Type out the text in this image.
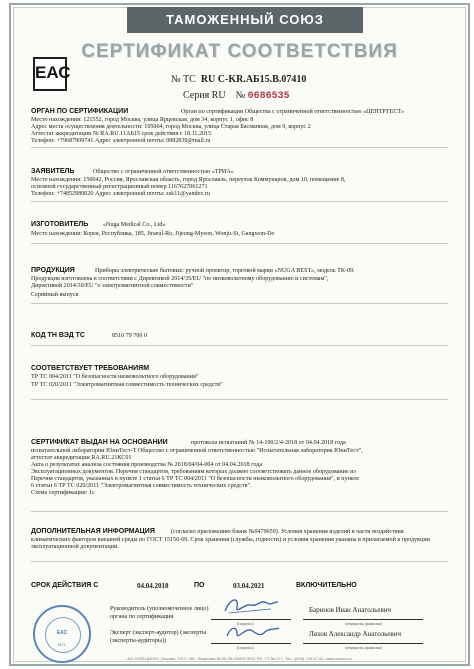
ТАМОЖЕННЫЙ СОЮЗ
СЕРТИФИКАТ СООТВЕТСТВИЯ
ЕАС	№ ТС RU C-KR.АБ15.В.07410
Серия RU № 0686535
ОРГАН ПО СЕРТИФИКАЦИИ	Орган по сертификации Общества с ограниченной ответственностью «ЦЕНТРТЕСТ»
Место нахождения: 121552, город Москва, улица Ярцевская, дом 34, корпус 1, офис 8
Адрес места осуществления деятельности: 105064, город Москва, улица Старая Басманная, дом 9, корпус 2
Аттестат аккредитации № RA.RU.11АБ15 срок действия с 18.11.2015
Телефон: +79687909741 Адрес электронной почты: 0882839@mail.ru
ЗАЯВИТЕЛЬ	Общество с ограниченной ответственностью «ТРИА»
Место нахождения: 150042, Россия, Ярославская область, город Ярославль, переулок Коммунаров, дом 10, помещение 8,
основной государственный регистрационный номер 1167627061271
Телефон: +74852989020 Адрес электронной почты: zsk11@yandex.ru
ИЗГОТОВИТЕЛЬ «Nuga Medical Co., Ltd»
Место нахождения: Корея, Республика, 185, Jiraeul-Ro, Jijeong-Myeon, Wonju-Si, Gangwon-Do
ПРОДУКЦИЯ	Приборы электрические бытовые: ручной проектор, торговой марки «NUGA BEST», модель ТК-09.
Продукция изготовлена в соответствии с Директивой 2014/35/EU "по низковольтному оборудованию и системам",
Директивой 2014/30/EU "о электромагнитной совместимости"
Серийный выпуск
КОД ТН ВЭД ТС	8516 79 700 0
СООТВЕТСТВУЕТ ТРЕБОВАНИЯМ
ТР ТС 004/2011 "О безопасности низковольтного оборудования"
ТР ТС 020/2011 "Электромагнитная совместимость технических средств"
СЕРТИФИКАТ ВЫДАН НА ОСНОВАНИИ	протокола испытаний № 14-190/2/4-2018 от 04.04.2018 года
испытательной лаборатории ЮниТест-Т Общество с ограниченной ответственностью "Испытательная лаборатория ЮниТест",
аттестат аккредитации RA.RU.21КС01
Акта о результатах анализа состояния производства № 2018/04/04-004 от 04.04.2018 года
Эксплуатационных документов. Перечня стандартов, требованиям которых должно соответствовать данное оборудование из
Перечня стандартов, указанных в пункте 1 статьи 6 ТР ТС 004/2011 "О безопасности низковольтного оборудования", и пункте
6 статьи 6 ТР ТС 020/2011 "Электромагнитная совместимость технических средств".
Схема сертификации: 1с
ДОПОЛНИТЕЛЬНАЯ ИНФОРМАЦИЯ	(согласно приложению бланк №0479659). Условия хранения изделий в части воздействия
климатических факторов внешней среды по ГОСТ 15150-69. Срок хранения (службы, годности) и условия хранения указаны в прилагаемой к продукции
эксплуатационной документации.
СРОК ДЕЙСТВИЯ С	04.04.2018	ПО	03.04.2021	ВКЛЮЧИТЕЛЬНО
Руководитель (уполномоченное лицо) органа по сертификации
Баринов Иван Анатольевич
(подпись)	(инициалы, фамилия)
Эксперт (эксперт-аудитор) (эксперты (эксперты-аудиторы))
Ляхов Александр Анатольевич
(подпись)	(инициалы, фамилия)
ЕАС
М.П.
АО «ОПЕЦИОН», Москва, 2017, «В». Лицензия № 05-05-09/003 ФНС РФ. ТЗ № 177. Тел.: (495) 726-47-42, www.opcion.ru
